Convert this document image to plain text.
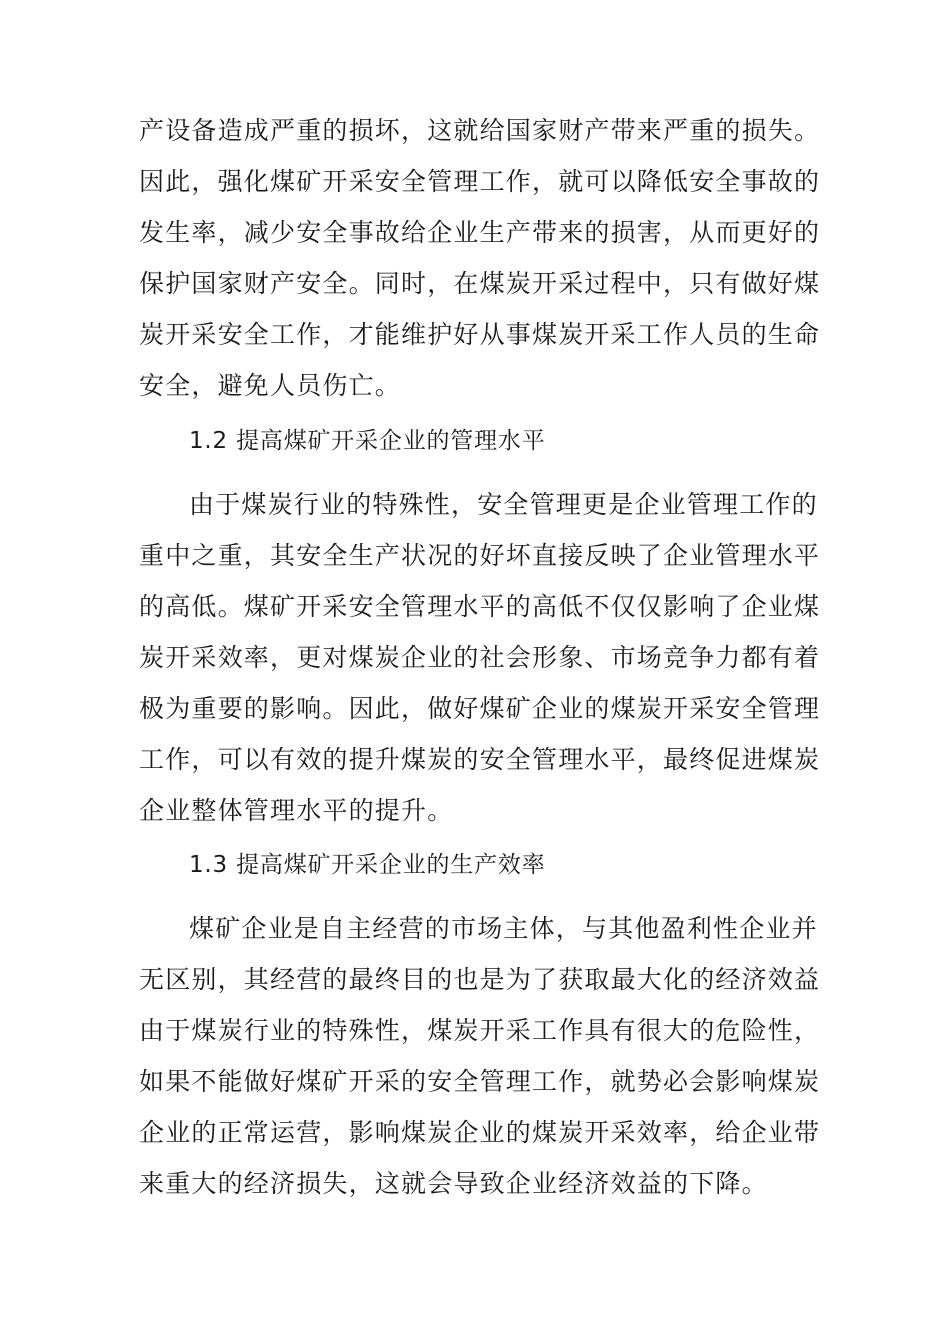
产设备造成严重的损坏，这就给国家财产带来严重的损失。
因此，强化煤矿开采安全管理工作，就可以降低安全事故的
发生率，减少安全事故给企业生产带来的损害，从而更好的
保护国家财产安全。同时，在煤炭开采过程中，只有做好煤
炭开采安全工作，才能维护好从事煤炭开采工作人员的生命
安全，避免人员伤亡。
1.2 提高煤矿开采企业的管理水平
由于煤炭行业的特殊性，安全管理更是企业管理工作的
重中之重，其安全生产状况的好坏直接反映了企业管理水平
的高低。煤矿开采安全管理水平的高低不仅仅影响了企业煤
炭开采效率，更对煤炭企业的社会形象、市场竞争力都有着
极为重要的影响。因此，做好煤矿企业的煤炭开采安全管理
工作，可以有效的提升煤炭的安全管理水平，最终促进煤炭
企业整体管理水平的提升。
1.3 提高煤矿开采企业的生产效率
煤矿企业是自主经营的市场主体，与其他盈利性企业并
无区别，其经营的最终目的也是为了获取最大化的经济效益
由于煤炭行业的特殊性，煤炭开采工作具有很大的危险性，
如果不能做好煤矿开采的安全管理工作，就势必会影响煤炭
企业的正常运营，影响煤炭企业的煤炭开采效率，给企业带
来重大的经济损失，这就会导致企业经济效益的下降。
